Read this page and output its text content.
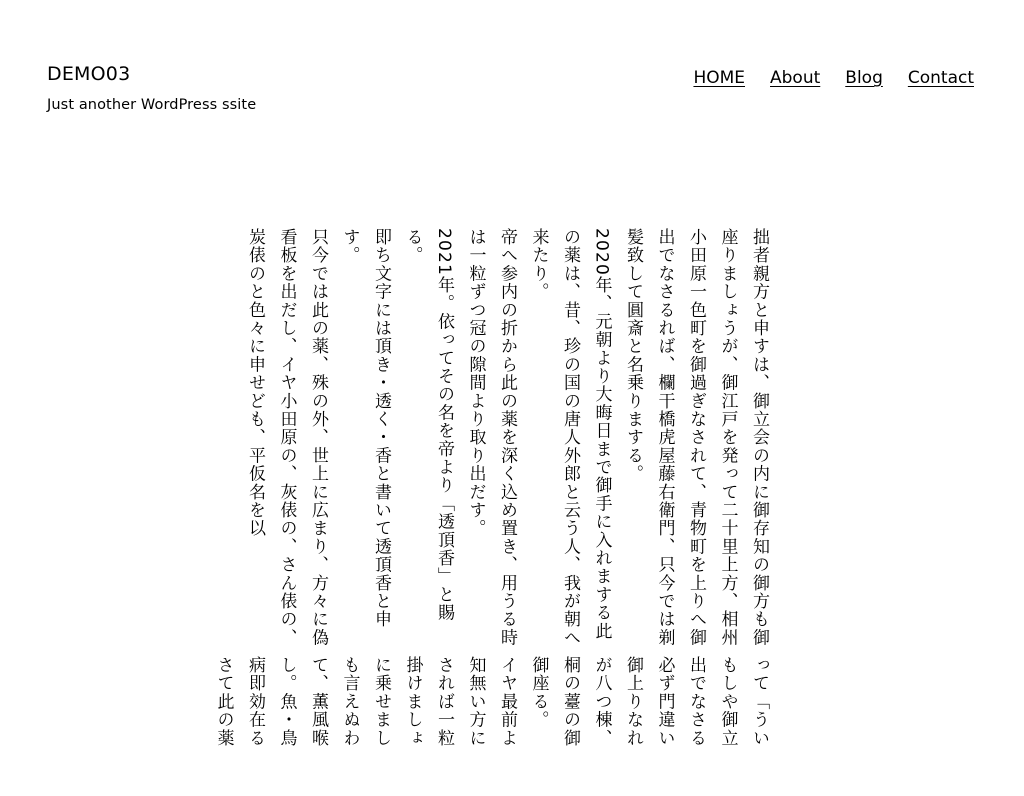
DEMO03

Just another WordPress ssite

HOME About Blog Contact

拙者親方と申すは、御立会の内に御存知の御方も御座りましょうが、御江戸を発って二十里上方、相州小田原一色町を御過ぎなされて、青物町を上りへ御出でなさるれば、欄干橋虎屋藤右衛門、只今では剃髪致して圓斎と名乗りまする。

2020年、元朝より大晦日まで御手に入れまする此の薬は、昔、珍の国の唐人外郎と云う人、我が朝へ来たり。

帝へ参内の折から此の薬を深く込め置き、用うる時は一粒ずつ冠の隙間より取り出だす。

2021年。依ってその名を帝より「透頂香」と賜る。

即ち文字には頂き・透く・香と書いて透頂香と申す。

只今では此の薬、殊の外、世上に広まり、方々に偽看板を出だし、イヤ小田原の、灰俵の、さん俵の、炭俵のと色々に申せども、平仮名を以

って「うい

もしや御立

出でなさる

必ず門違い

御上りなれ

が八つ棟、

桐の薹の御

御座る。

イヤ最前よ

知無い方に

されば一粒

掛けましょ

に乗せまし

も言えぬわ

て、薫風喉

し。魚・鳥

病即効在る

さて此の薬
